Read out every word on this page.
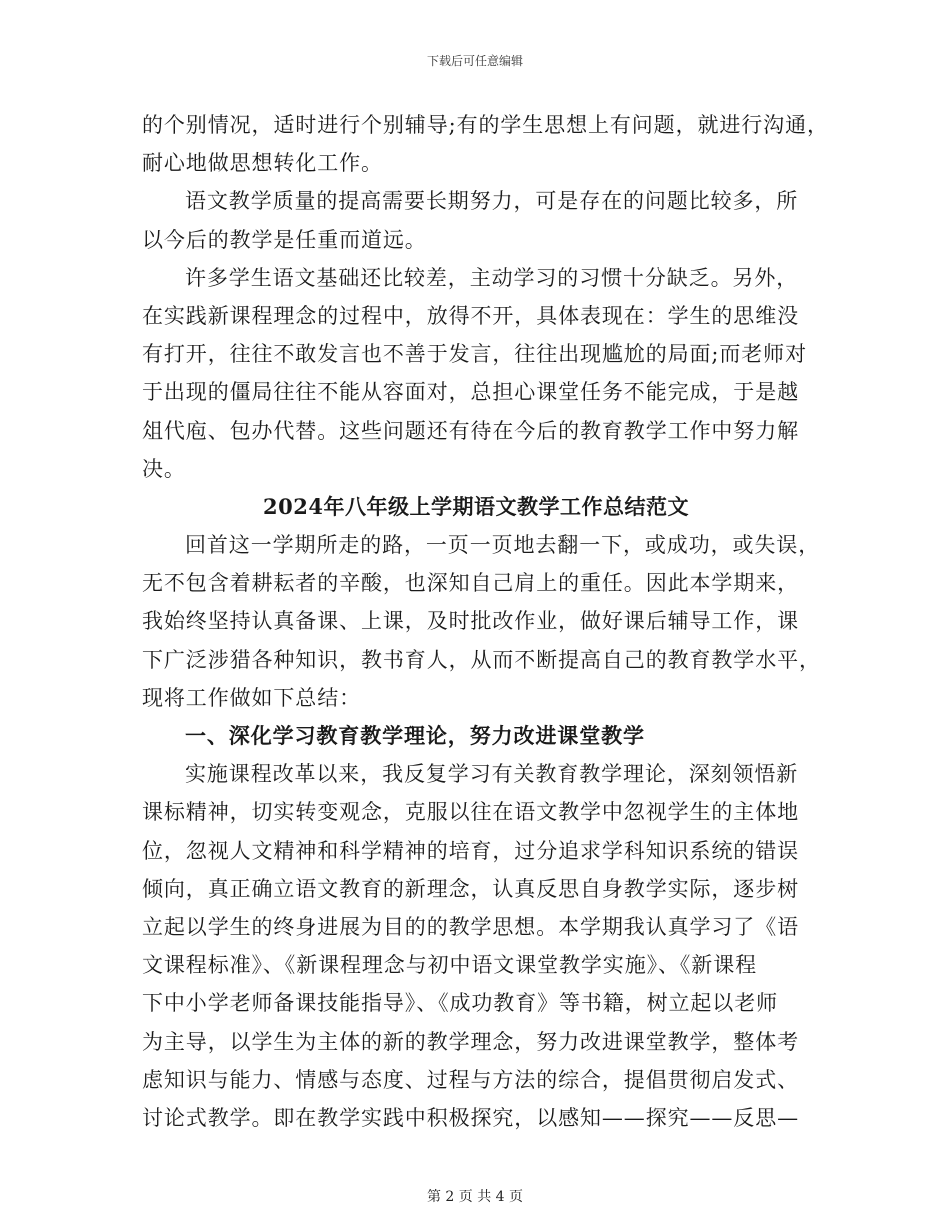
下载后可任意编辑
的个别情况，适时进行个别辅导;有的学生思想上有问题，就进行沟通，
耐心地做思想转化工作。
语文教学质量的提高需要长期努力，可是存在的问题比较多，所
以今后的教学是任重而道远。
许多学生语文基础还比较差，主动学习的习惯十分缺乏。另外，
在实践新课程理念的过程中，放得不开，具体表现在：学生的思维没
有打开，往往不敢发言也不善于发言，往往出现尴尬的局面;而老师对
于出现的僵局往往不能从容面对，总担心课堂任务不能完成，于是越
俎代庖、包办代替。这些问题还有待在今后的教育教学工作中努力解
决。
2024年八年级上学期语文教学工作总结范文
回首这一学期所走的路，一页一页地去翻一下，或成功，或失误，
无不包含着耕耘者的辛酸，也深知自己肩上的重任。因此本学期来，
我始终坚持认真备课、上课，及时批改作业，做好课后辅导工作，课
下广泛涉猎各种知识，教书育人，从而不断提高自己的教育教学水平，
现将工作做如下总结：
一、深化学习教育教学理论，努力改进课堂教学
实施课程改革以来，我反复学习有关教育教学理论，深刻领悟新
课标精神，切实转变观念，克服以往在语文教学中忽视学生的主体地
位，忽视人文精神和科学精神的培育，过分追求学科知识系统的错误
倾向，真正确立语文教育的新理念，认真反思自身教学实际，逐步树
立起以学生的终身进展为目的的教学思想。本学期我认真学习了《语
文课程标准》、《新课程理念与初中语文课堂教学实施》、《新课程
下中小学老师备课技能指导》、《成功教育》等书籍，树立起以老师
为主导，以学生为主体的新的教学理念，努力改进课堂教学，整体考
虑知识与能力、情感与态度、过程与方法的综合，提倡贯彻启发式、
讨论式教学。即在教学实践中积极探究，以感知——探究——反思—
第 2 页 共 4 页
